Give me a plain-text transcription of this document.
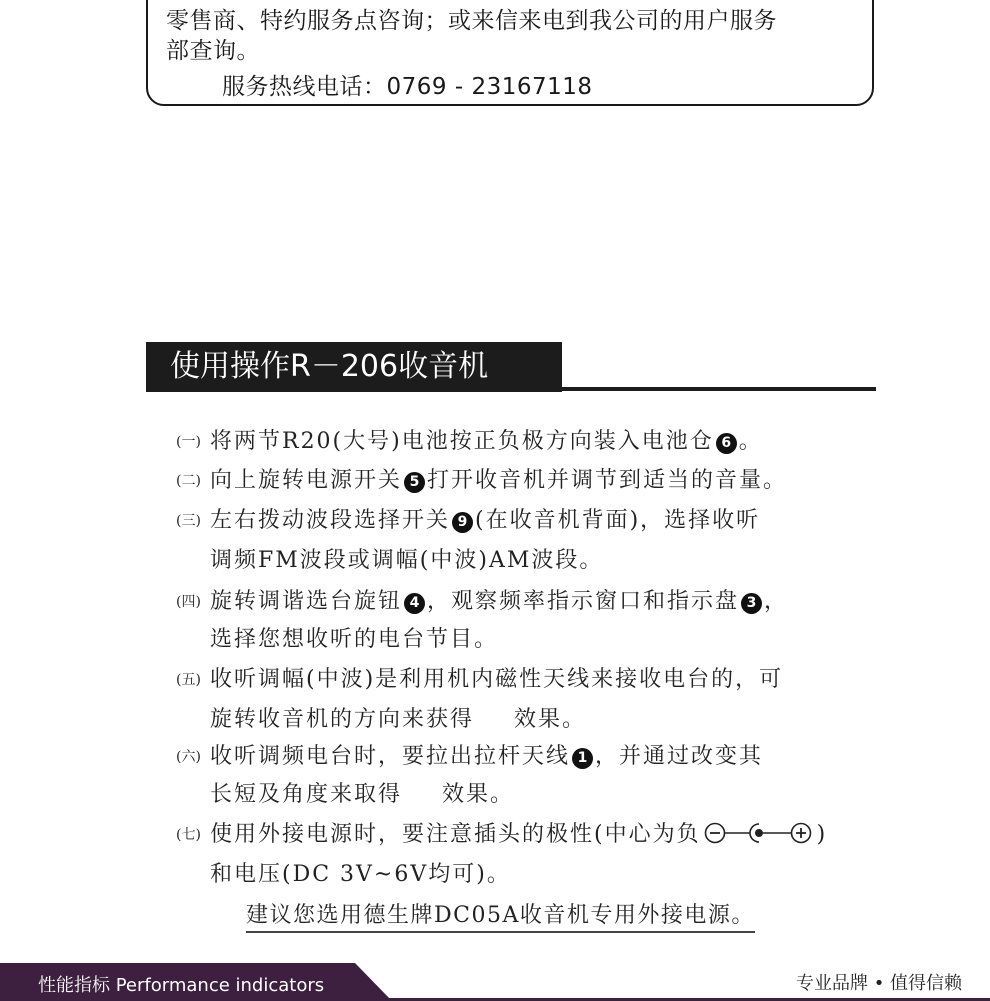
零售商、特约服务点咨询；或来信来电到我公司的用户服务
部查询。
服务热线电话：0769 - 23167118
使用操作R－206收音机
(一) 将两节R20(大号)电池按正负极方向装入电池仓 6 。
(二) 向上旋转电源开关 5 打开收音机并调节到适当的音量。
(三) 左右拨动波段选择开关 9 (在收音机背面)，选择收听
调频FM波段或调幅(中波)AM波段。
(四) 旋转调谐选台旋钮 4 ，观察频率指示窗口和指示盘 3 ，
选择您想收听的电台节目。
(五) 收听调幅(中波)是利用机内磁性天线来接收电台的，可
旋转收音机的方向来获得 效果。
(六) 收听调频电台时，要拉出拉杆天线 1 ，并通过改变其
长短及角度来取得 效果。
(七) 使用外接电源时，要注意插头的极性(中心为负	)
和电压(DC 3V~6V均可)。
建议您选用德生牌DC05A收音机专用外接电源。
性能指标 Performance indicators	专业品牌 • 值得信赖
